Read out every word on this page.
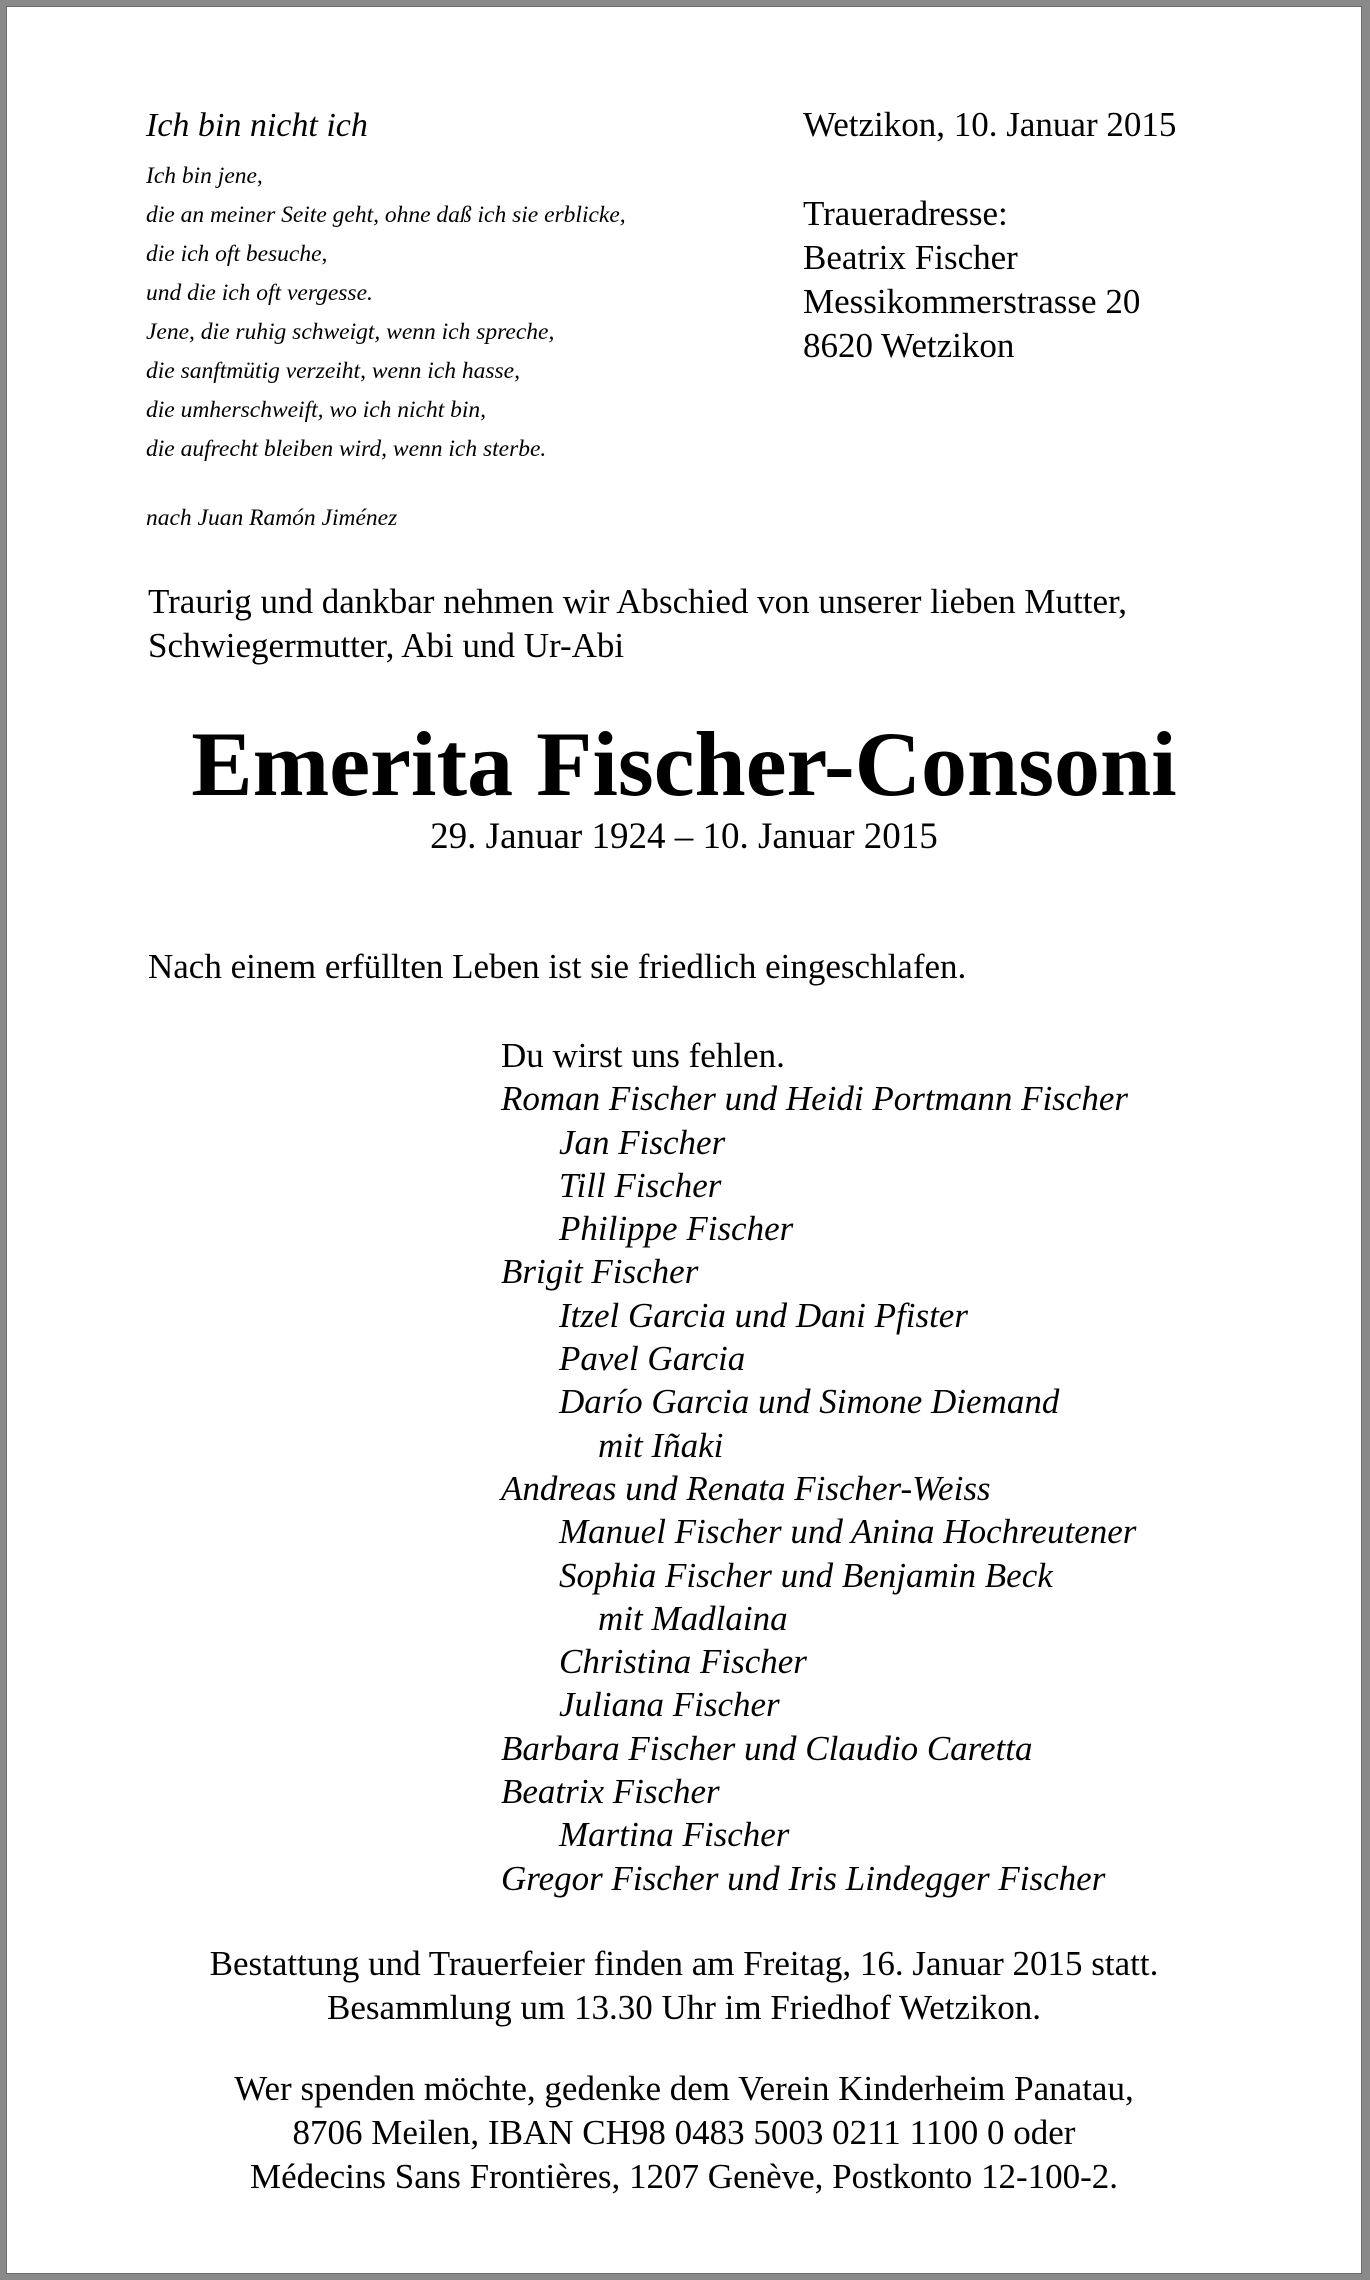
Ich bin nicht ich
Ich bin jene,
die an meiner Seite geht, ohne daß ich sie erblicke,
die ich oft besuche,
und die ich oft vergesse.
Jene, die ruhig schweigt, wenn ich spreche,
die sanftmütig verzeiht, wenn ich hasse,
die umherschweift, wo ich nicht bin,
die aufrecht bleiben wird, wenn ich sterbe.
nach Juan Ramón Jiménez
Wetzikon, 10. Januar 2015
Traueradresse:
Beatrix Fischer
Messikommerstrasse 20
8620 Wetzikon
Traurig und dankbar nehmen wir Abschied von unserer lieben Mutter,
Schwiegermutter, Abi und Ur-Abi
Emerita Fischer-Consoni
29. Januar 1924 – 10. Januar 2015
Nach einem erfüllten Leben ist sie friedlich eingeschlafen.
Du wirst uns fehlen.
Roman Fischer und Heidi Portmann Fischer
Jan Fischer
Till Fischer
Philippe Fischer
Brigit Fischer
Itzel Garcia und Dani Pfister
Pavel Garcia
Darío Garcia und Simone Diemand
mit Iñaki
Andreas und Renata Fischer-Weiss
Manuel Fischer und Anina Hochreutener
Sophia Fischer und Benjamin Beck
mit Madlaina
Christina Fischer
Juliana Fischer
Barbara Fischer und Claudio Caretta
Beatrix Fischer
Martina Fischer
Gregor Fischer und Iris Lindegger Fischer
Bestattung und Trauerfeier finden am Freitag, 16. Januar 2015 statt.
Besammlung um 13.30 Uhr im Friedhof Wetzikon.
Wer spenden möchte, gedenke dem Verein Kinderheim Panatau,
8706 Meilen, IBAN CH98 0483 5003 0211 1100 0 oder
Médecins Sans Frontières, 1207 Genève, Postkonto 12-100-2.
